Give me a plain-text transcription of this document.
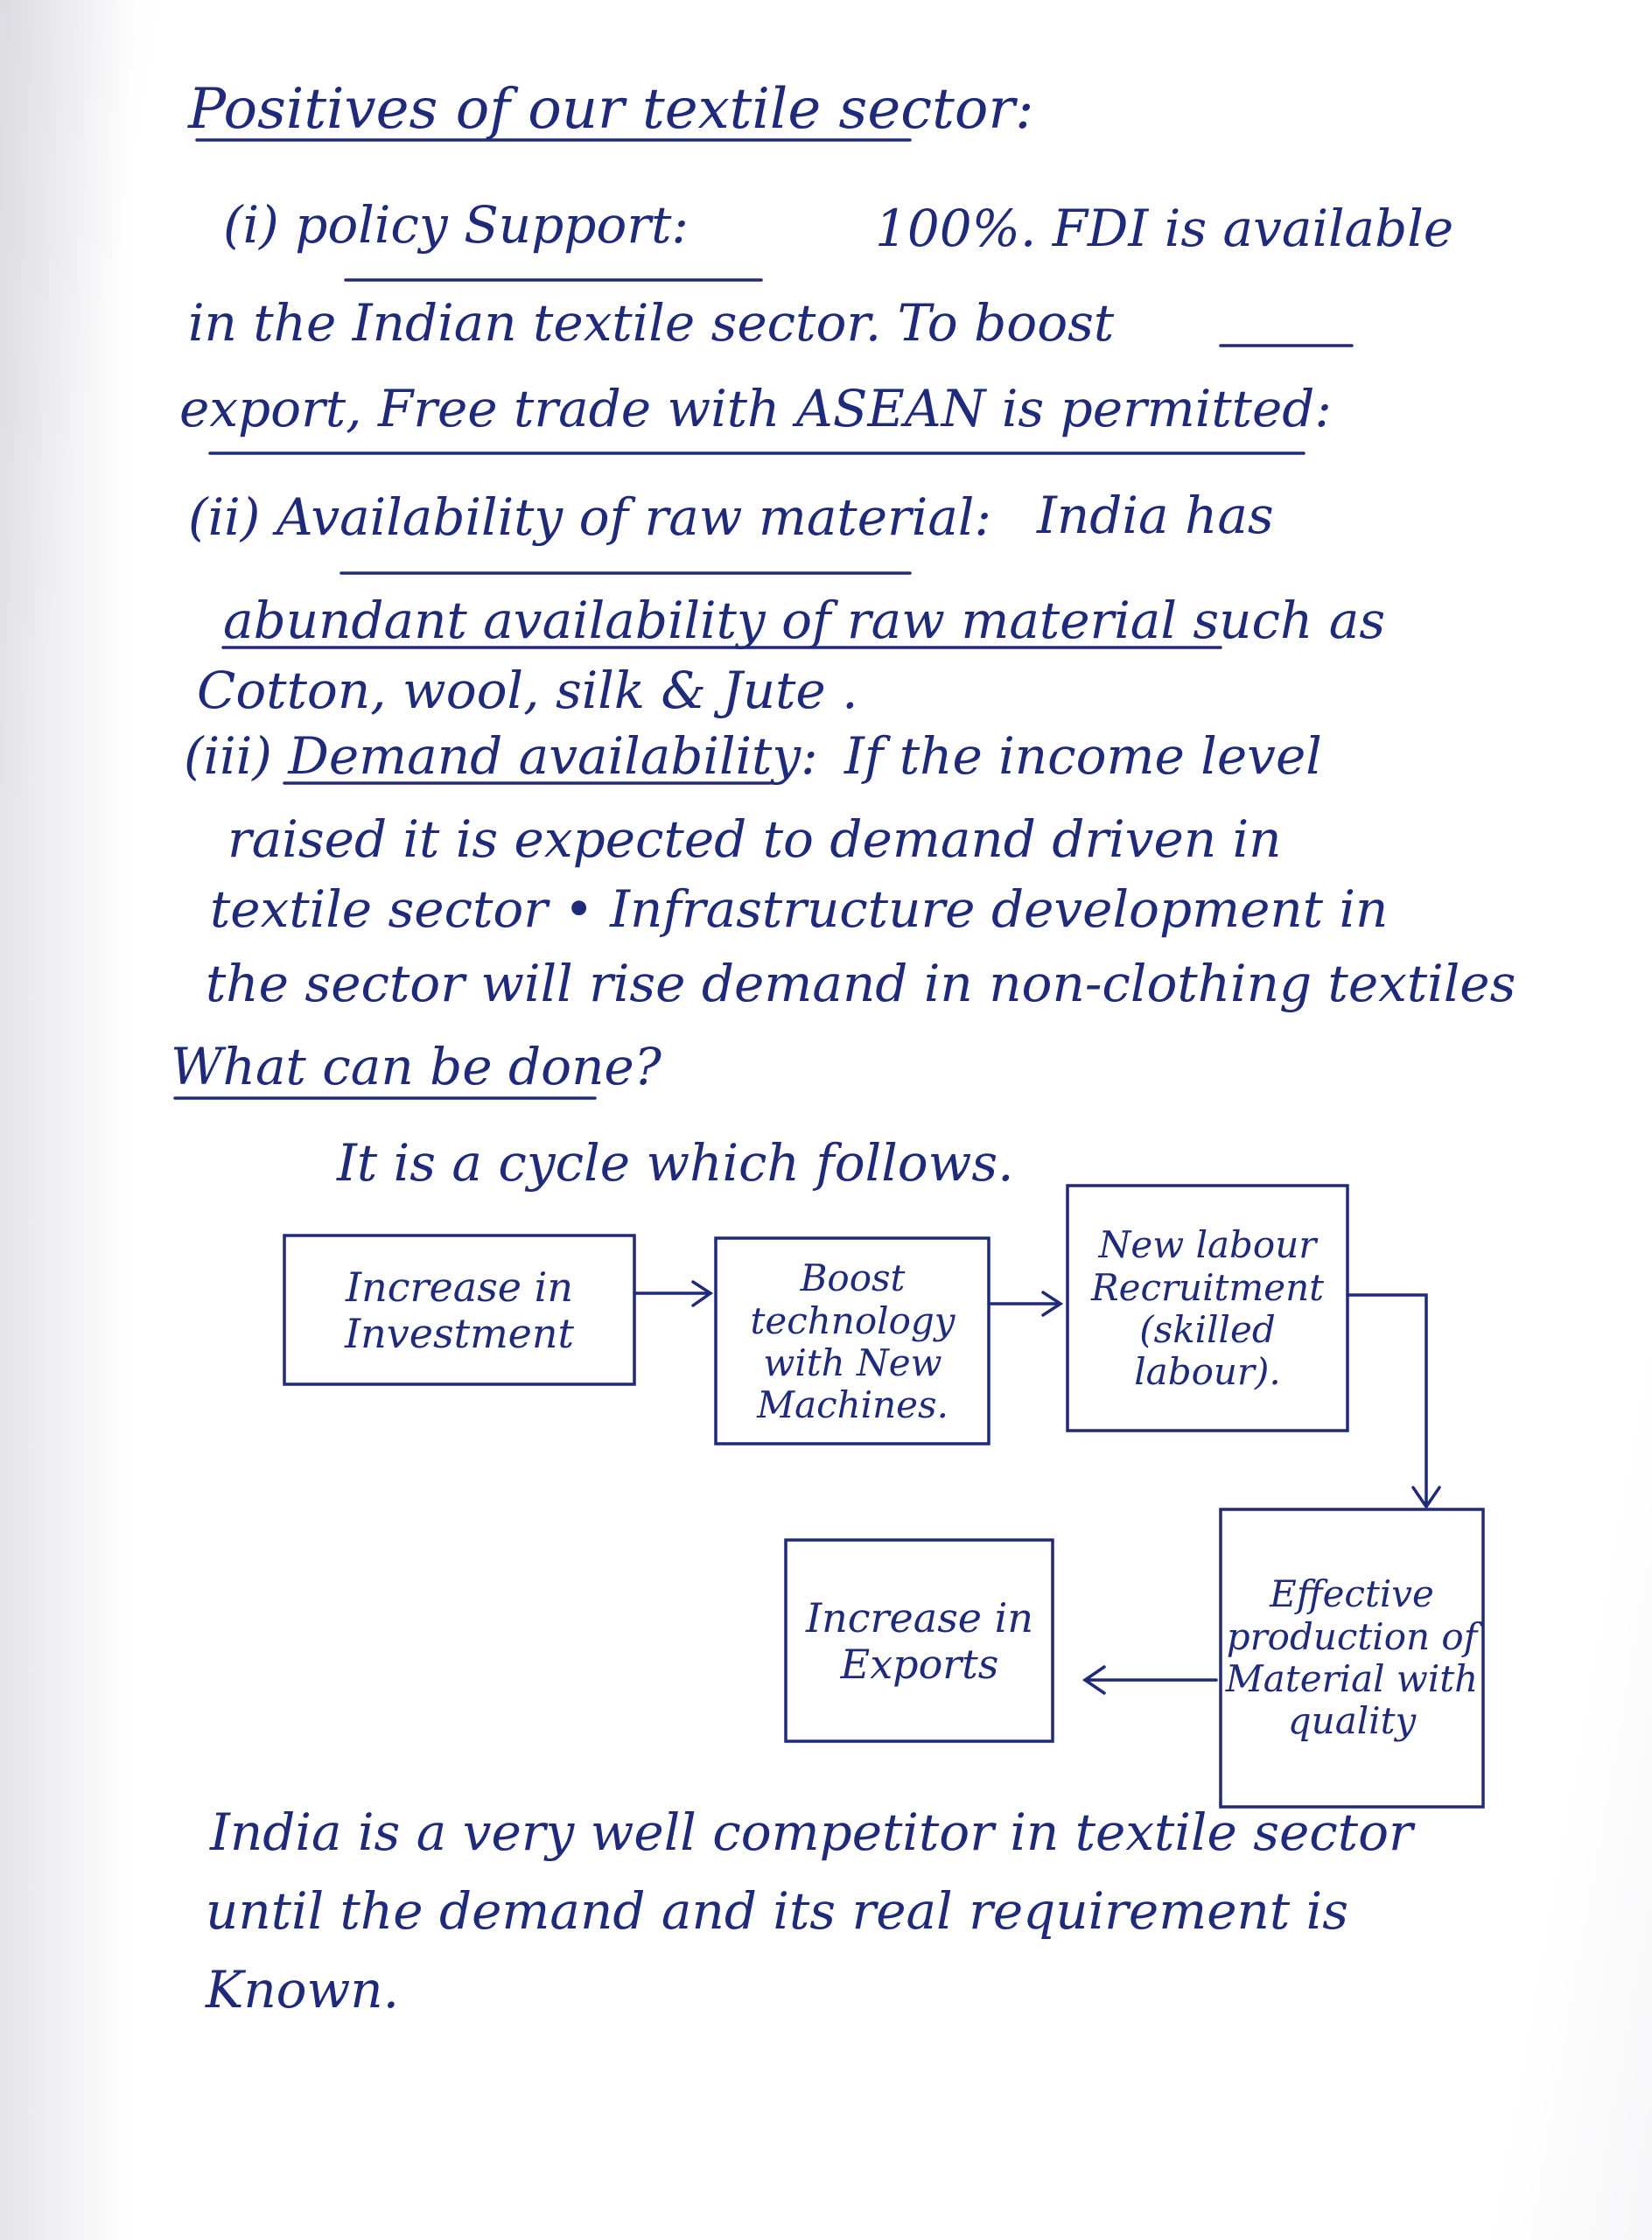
Positives of our textile sector:
(i) policy Support:	100%. FDI is available
in the Indian textile sector. To boost
export, Free trade with ASEAN is permitted:
(ii) Availability of raw material: India has
abundant availability of raw material such as
Cotton, wool, silk & Jute .
(iii) Demand availability: If the income level
raised it is expected to demand driven in
textile sector • Infrastructure development in
the sector will rise demand in non-clothing textiles
What can be done?
It is a cycle which follows.
Increase in Investment
Boost technology with New Machines.
New labour Recruitment (skilled labour).
Effective production of Material with quality
Increase in Exports
India is a very well competitor in textile sector
until the demand and its real requirement is
Known.
